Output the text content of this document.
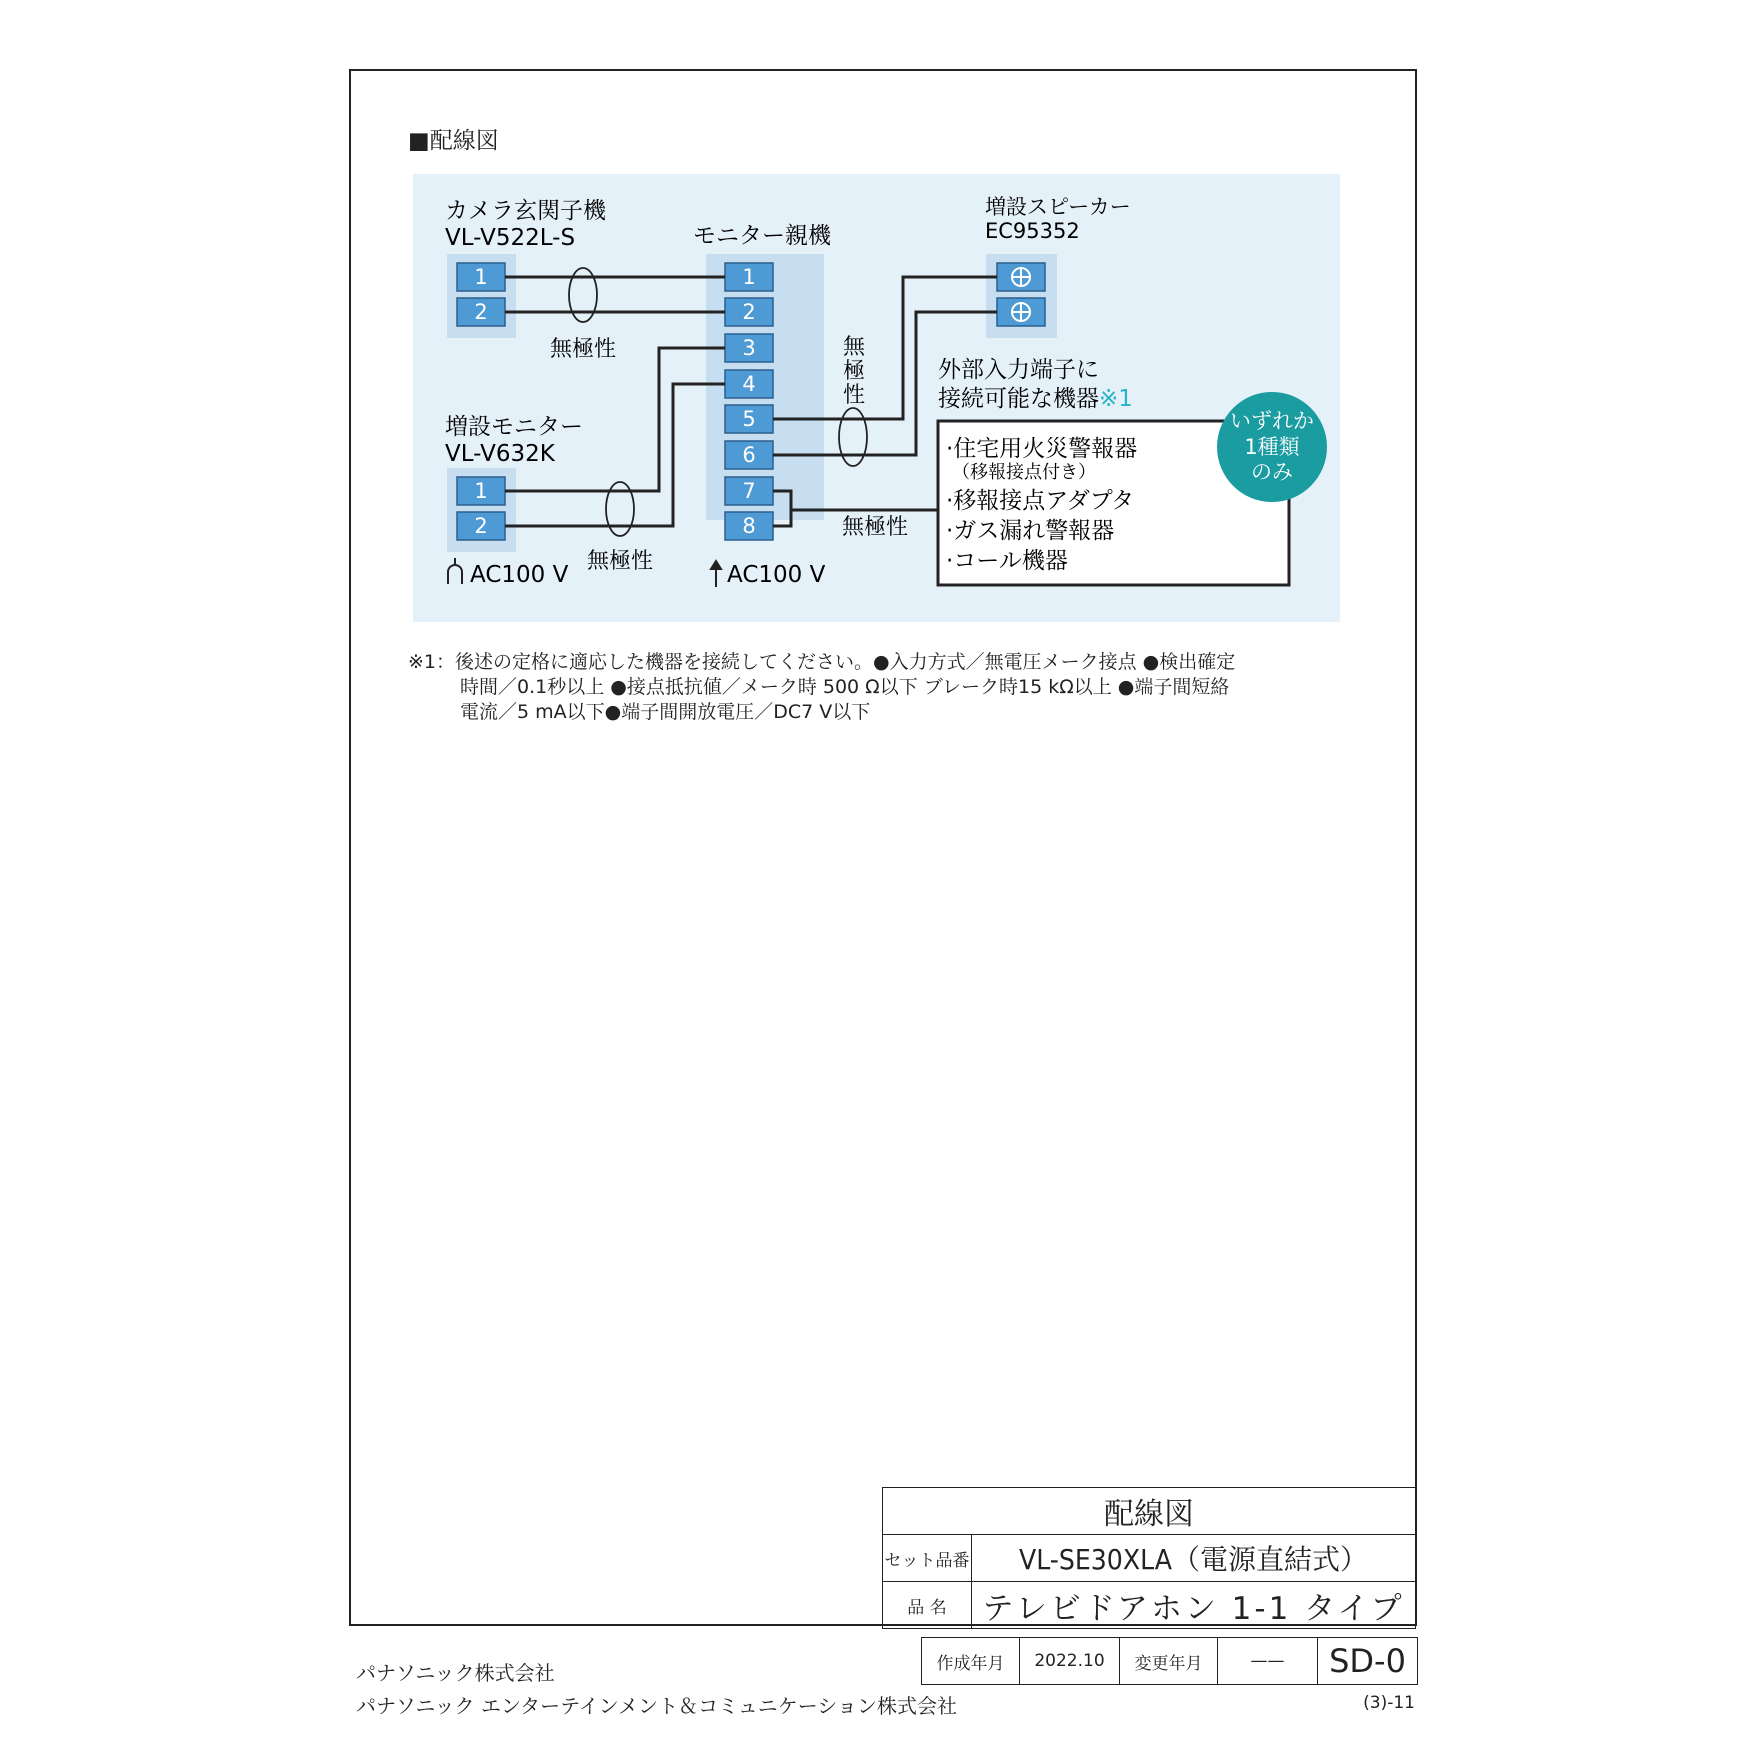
■配線図
カメラ玄関子機
VL-V522L-S	モニター親機
増設モニター
VL-V632K
増設スピーカー
EC95352
1
2
1
2
1
2
3
4
5
6
7
8
無極性
無極性
無極性
無
極
性
AC100 V	AC100 V
外部入力端子に
接続可能な機器※1
·住宅用火災警報器
（移報接点付き）
·移報接点アダプタ
·ガス漏れ警報器
·コール機器
いずれか
1種類
のみ
※1：後述の定格に適応した機器を接続してください。●入力方式／無電圧メーク接点 ●検出確定
時間／0.1秒以上 ●接点抵抗値／メーク時 500 Ω以下 ブレーク時15 kΩ以上 ●端子間短絡
電流／5 mA以下●端子間開放電圧／DC7 V以下
配線図	
セット品番	VL-SE30XLA（電源直結式）
品 名	テレビドアホン 1-1 タイプ
作成年月	2022.10	変更年月	——	SD-0
パナソニック株式会社
パナソニック エンターテインメント＆コミュニケーション株式会社	(3)-11
